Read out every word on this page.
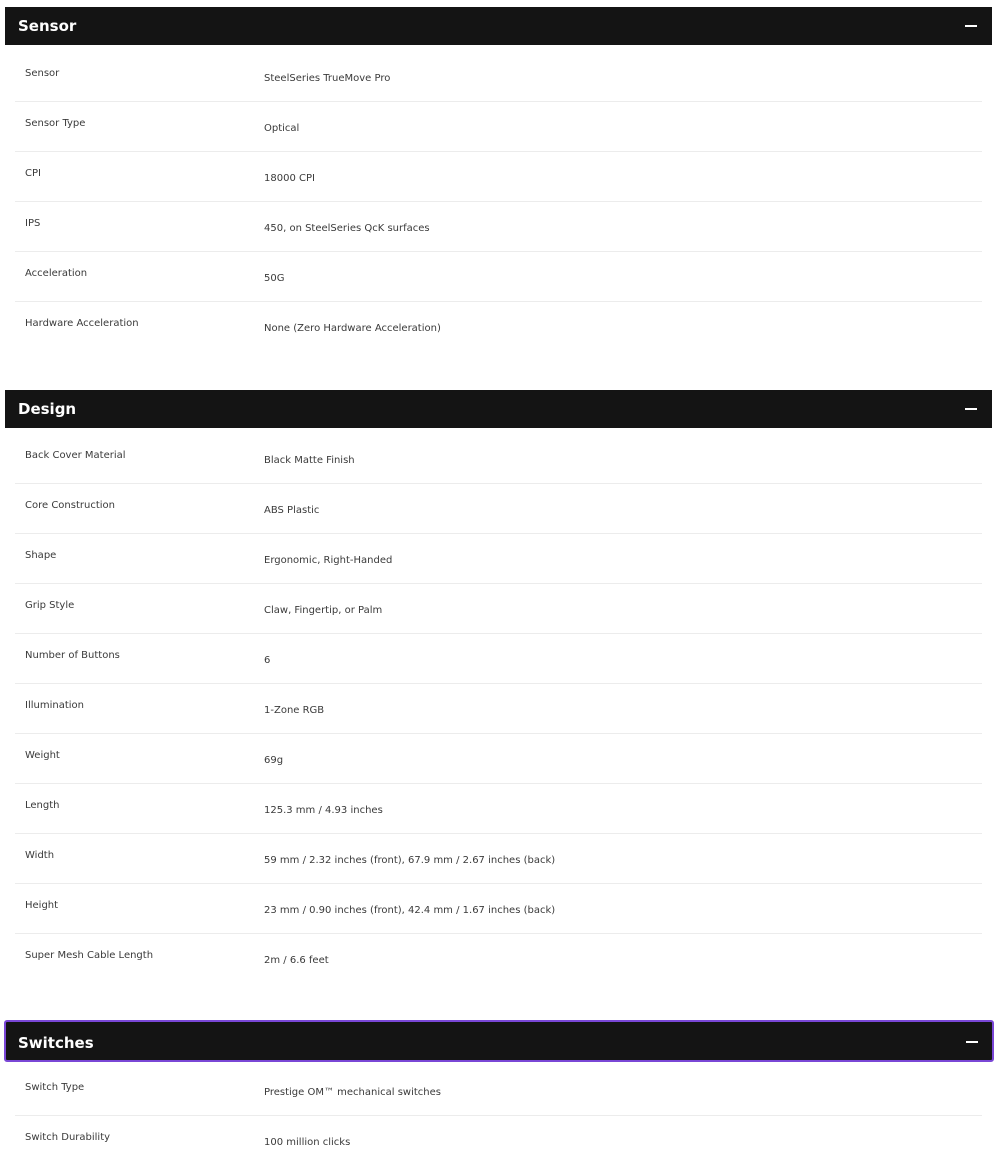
Sensor
Sensor	SteelSeries TrueMove Pro
Sensor Type	Optical
CPI	18000 CPI
IPS	450, on SteelSeries QcK surfaces
Acceleration	50G
Hardware Acceleration	None (Zero Hardware Acceleration)
Design
Back Cover Material	Black Matte Finish
Core Construction	ABS Plastic
Shape	Ergonomic, Right-Handed
Grip Style	Claw, Fingertip, or Palm
Number of Buttons	6
Illumination	1-Zone RGB
Weight	69g
Length	125.3 mm / 4.93 inches
Width	59 mm / 2.32 inches (front), 67.9 mm / 2.67 inches (back)
Height	23 mm / 0.90 inches (front), 42.4 mm / 1.67 inches (back)
Super Mesh Cable Length	2m / 6.6 feet
Switches
Switch Type	Prestige OM™ mechanical switches
Switch Durability	100 million clicks
